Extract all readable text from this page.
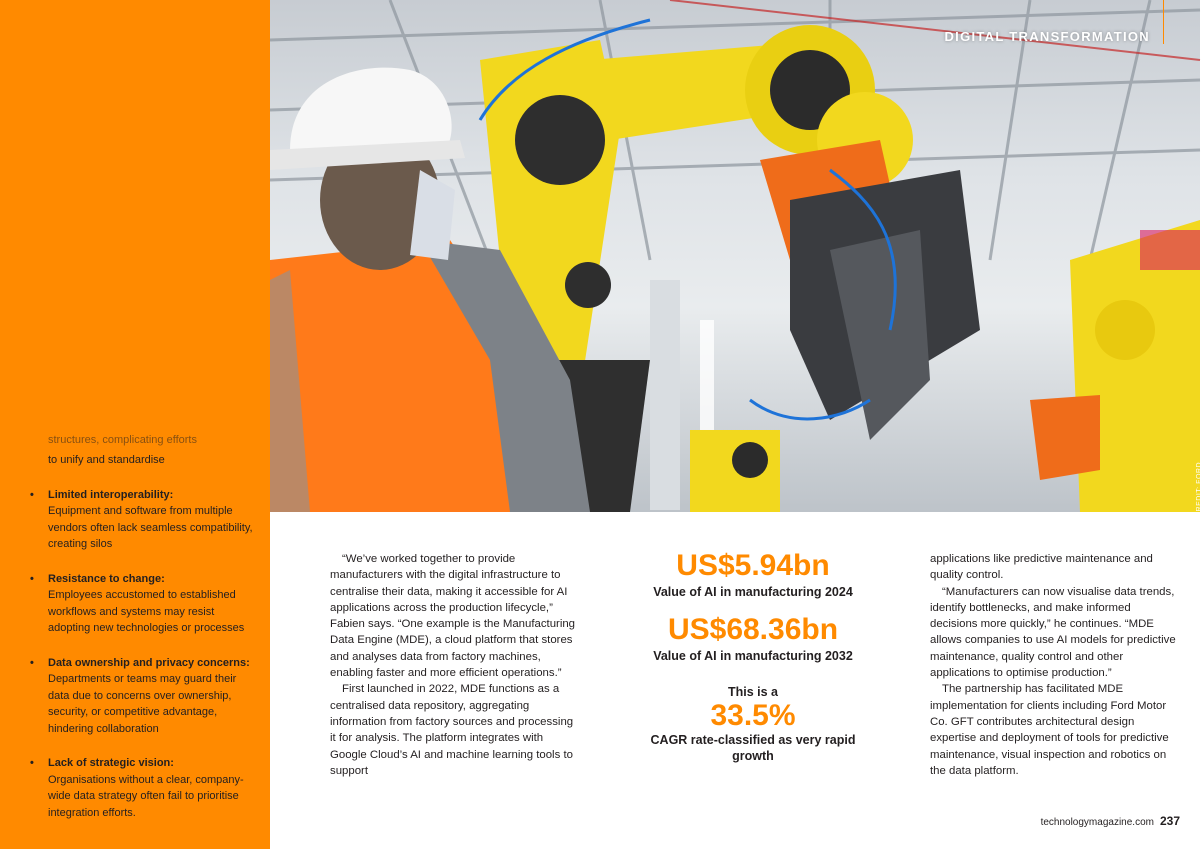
structures, complicating efforts
to unify and standardise
• Limited interoperability:
Equipment and software from multiple vendors often lack seamless compatibility, creating silos
• Resistance to change:
Employees accustomed to established workflows and systems may resist adopting new technologies or processes
• Data ownership and privacy concerns:
Departments or teams may guard their data due to concerns over ownership, security, or competitive advantage, hindering collaboration
• Lack of strategic vision:
Organisations without a clear, company-wide data strategy often fail to prioritise integration efforts.
DIGITAL TRANSFORMATION
CREDIT: FORD

“We’ve worked together to provide manufacturers with the digital infrastructure to centralise their data, making it accessible for AI applications across the production lifecycle,” Fabien says. “One example is the Manufacturing Data Engine (MDE), a cloud platform that stores and analyses data from factory machines, enabling faster and more efficient operations.”

First launched in 2022, MDE functions as a centralised data repository, aggregating information from factory sources and processing it for analysis. The platform integrates with Google Cloud’s AI and machine learning tools to support

US$5.94bn
Value of AI in manufacturing 2024
US$68.36bn
Value of AI in manufacturing 2032
This is a
33.5%
CAGR rate-classified as very rapid growth

applications like predictive maintenance and quality control.

“Manufacturers can now visualise data trends, identify bottlenecks, and make informed decisions more quickly,” he continues. “MDE allows companies to use AI models for predictive maintenance, quality control and other applications to optimise production.”

The partnership has facilitated MDE implementation for clients including Ford Motor Co. GFT contributes architectural design expertise and deployment of tools for predictive maintenance, visual inspection and robotics on the data platform.

technologymagazine.com 237
